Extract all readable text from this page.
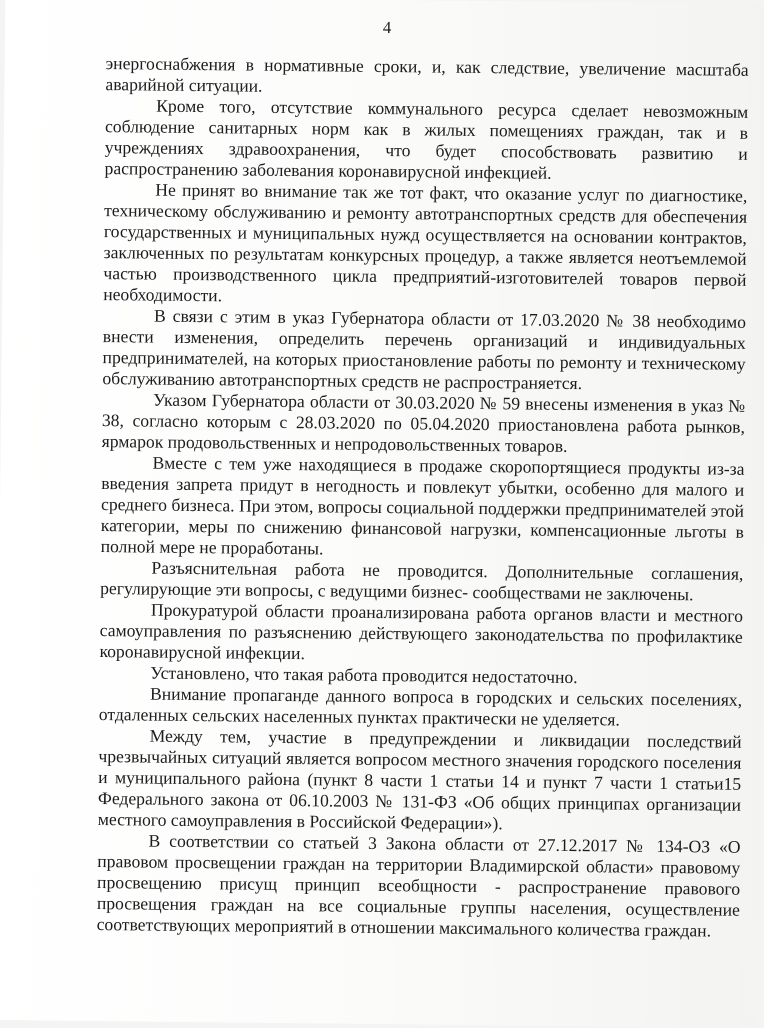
4

энергоснабжения в нормативные сроки, и, как следствие, увеличение масштаба аварийной ситуации.

Кроме того, отсутствие коммунального ресурса сделает невозможным соблюдение санитарных норм как в жилых помещениях граждан, так и в учреждениях здравоохранения, что будет способствовать развитию и распространению заболевания коронавирусной инфекцией.

Не принят во внимание так же тот факт, что оказание услуг по диагностике, техническому обслуживанию и ремонту автотранспортных средств для обеспечения государственных и муниципальных нужд осуществляется на основании контрактов, заключенных по результатам конкурсных процедур, а также является неотъемлемой частью производственного цикла предприятий-изготовителей товаров первой необходимости.

В связи с этим в указ Губернатора области от 17.03.2020 № 38 необходимо внести изменения, определить перечень организаций и индивидуальных предпринимателей, на которых приостановление работы по ремонту и техническому обслуживанию автотранспортных средств не распространяется.

Указом Губернатора области от 30.03.2020 № 59 внесены изменения в указ № 38, согласно которым с 28.03.2020 по 05.04.2020 приостановлена работа рынков, ярмарок продовольственных и непродовольственных товаров.

Вместе с тем уже находящиеся в продаже скоропортящиеся продукты из-за введения запрета придут в негодность и повлекут убытки, особенно для малого и среднего бизнеса. При этом, вопросы социальной поддержки предпринимателей этой категории, меры по снижению финансовой нагрузки, компенсационные льготы в полной мере не проработаны.

Разъяснительная работа не проводится. Дополнительные соглашения, регулирующие эти вопросы, с ведущими бизнес- сообществами не заключены.

Прокуратурой области проанализирована работа органов власти и местного самоуправления по разъяснению действующего законодательства по профилактике коронавирусной инфекции.

Установлено, что такая работа проводится недостаточно.

Внимание пропаганде данного вопроса в городских и сельских поселениях, отдаленных сельских населенных пунктах практически не уделяется.

Между тем, участие в предупреждении и ликвидации последствий чрезвычайных ситуаций является вопросом местного значения городского поселения и муниципального района (пункт 8 части 1 статьи 14 и пункт 7 части 1 статьи15 Федерального закона от 06.10.2003 № 131-ФЗ «Об общих принципах организации местного самоуправления в Российской Федерации»).

В соответствии со статьей 3 Закона области от 27.12.2017 № 134-ОЗ «О правовом просвещении граждан на территории Владимирской области» правовому просвещению присущ принцип всеобщности - распространение правового просвещения граждан на все социальные группы населения, осуществление соответствующих мероприятий в отношении максимального количества граждан.
